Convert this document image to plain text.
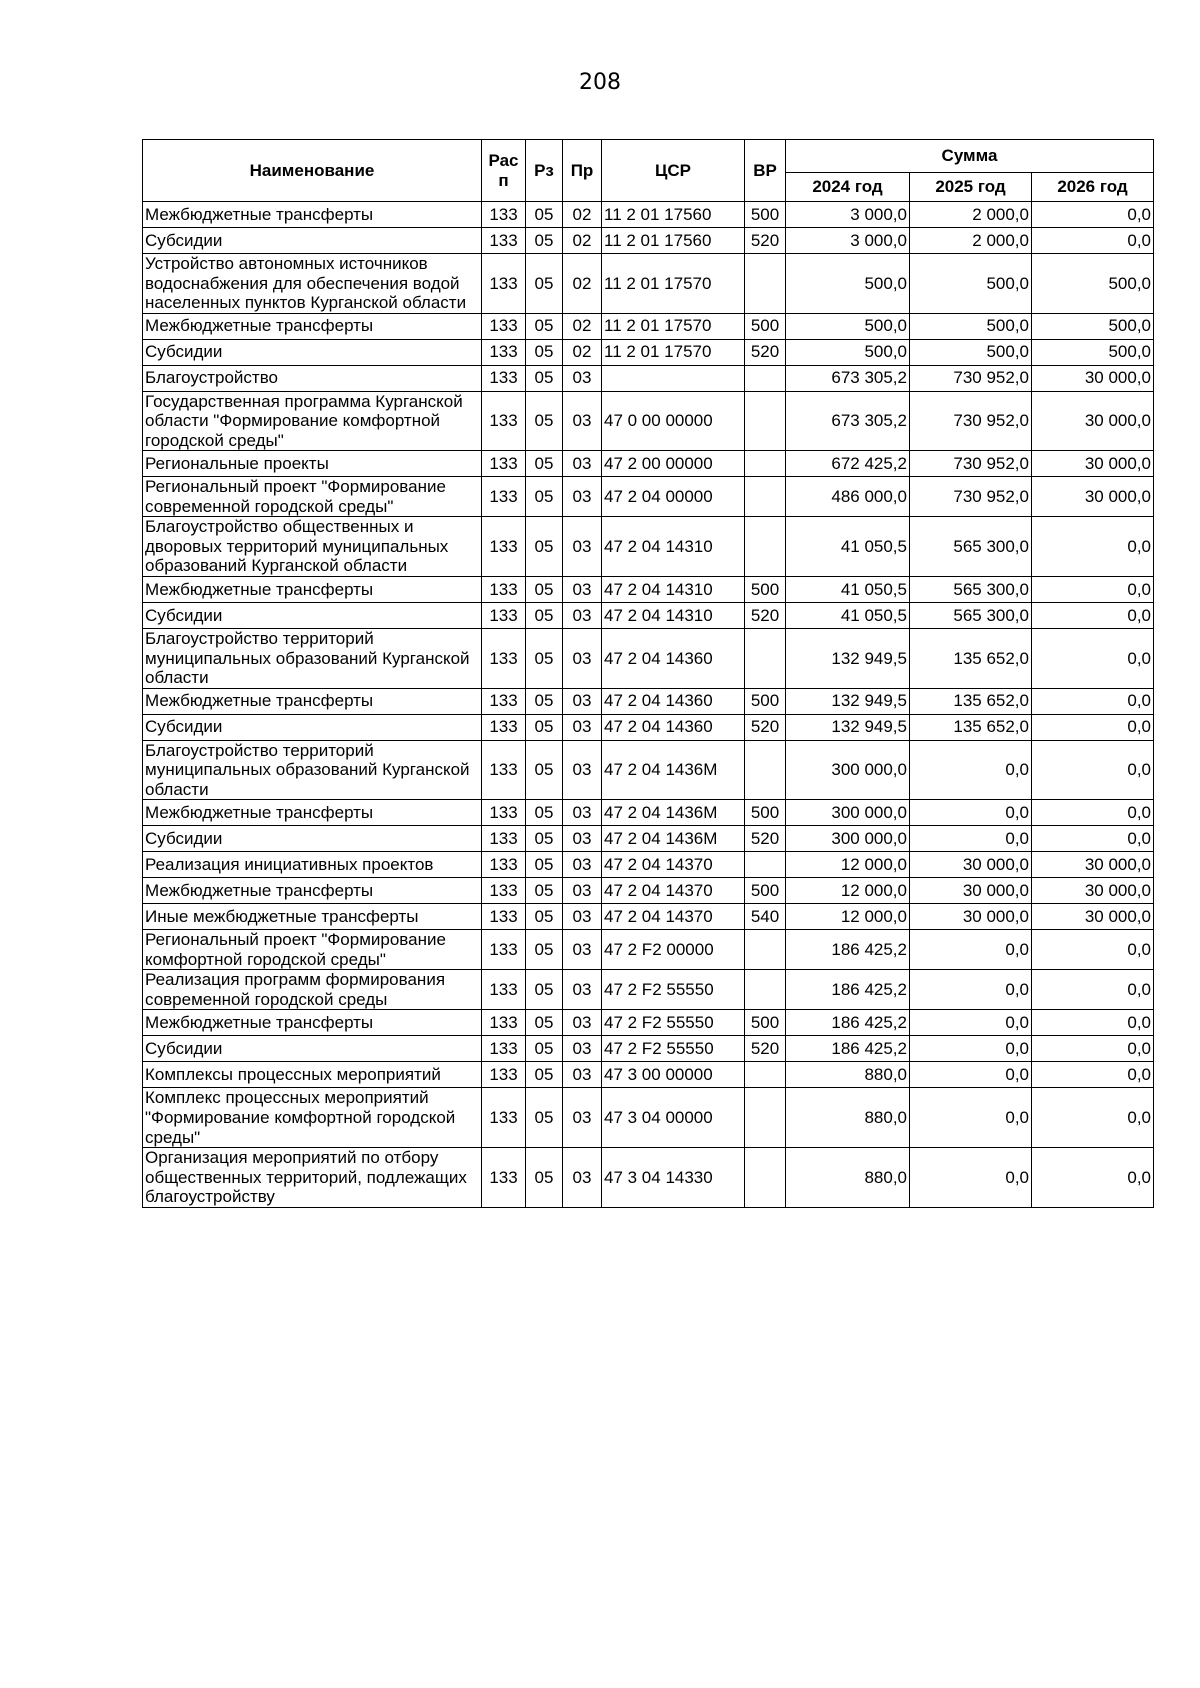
208
Наименование	Рас п	Рз	Пр	ЦСР	ВР	Сумма		
						2024 год	2025 год	2026 год
Межбюджетные трансферты	133	05	02	11 2 01 17560	500	3 000,0	2 000,0	0,0
Субсидии	133	05	02	11 2 01 17560	520	3 000,0	2 000,0	0,0
Устройство автономных источников водоснабжения для обеспечения водой населенных пунктов Курганской области	133	05	02	11 2 01 17570		500,0	500,0	500,0
Межбюджетные трансферты	133	05	02	11 2 01 17570	500	500,0	500,0	500,0
Субсидии	133	05	02	11 2 01 17570	520	500,0	500,0	500,0
Благоустройство	133	05	03			673 305,2	730 952,0	30 000,0
Государственная программа Курганской области "Формирование комфортной городской среды"	133	05	03	47 0 00 00000		673 305,2	730 952,0	30 000,0
Региональные проекты	133	05	03	47 2 00 00000		672 425,2	730 952,0	30 000,0
Региональный проект "Формирование современной городской среды"	133	05	03	47 2 04 00000		486 000,0	730 952,0	30 000,0
Благоустройство общественных и дворовых территорий муниципальных образований Курганской области	133	05	03	47 2 04 14310		41 050,5	565 300,0	0,0
Межбюджетные трансферты	133	05	03	47 2 04 14310	500	41 050,5	565 300,0	0,0
Субсидии	133	05	03	47 2 04 14310	520	41 050,5	565 300,0	0,0
Благоустройство территорий муниципальных образований Курганской области	133	05	03	47 2 04 14360		132 949,5	135 652,0	0,0
Межбюджетные трансферты	133	05	03	47 2 04 14360	500	132 949,5	135 652,0	0,0
Субсидии	133	05	03	47 2 04 14360	520	132 949,5	135 652,0	0,0
Благоустройство территорий муниципальных образований Курганской области	133	05	03	47 2 04 1436M		300 000,0	0,0	0,0
Межбюджетные трансферты	133	05	03	47 2 04 1436M	500	300 000,0	0,0	0,0
Субсидии	133	05	03	47 2 04 1436M	520	300 000,0	0,0	0,0
Реализация инициативных проектов	133	05	03	47 2 04 14370		12 000,0	30 000,0	30 000,0
Межбюджетные трансферты	133	05	03	47 2 04 14370	500	12 000,0	30 000,0	30 000,0
Иные межбюджетные трансферты	133	05	03	47 2 04 14370	540	12 000,0	30 000,0	30 000,0
Региональный проект "Формирование комфортной городской среды"	133	05	03	47 2 F2 00000		186 425,2	0,0	0,0
Реализация программ формирования современной городской среды	133	05	03	47 2 F2 55550		186 425,2	0,0	0,0
Межбюджетные трансферты	133	05	03	47 2 F2 55550	500	186 425,2	0,0	0,0
Субсидии	133	05	03	47 2 F2 55550	520	186 425,2	0,0	0,0
Комплексы процессных мероприятий	133	05	03	47 3 00 00000		880,0	0,0	0,0
Комплекс процессных мероприятий "Формирование комфортной городской среды"	133	05	03	47 3 04 00000		880,0	0,0	0,0
Организация мероприятий по отбору общественных территорий, подлежащих благоустройству	133	05	03	47 3 04 14330		880,0	0,0	0,0
